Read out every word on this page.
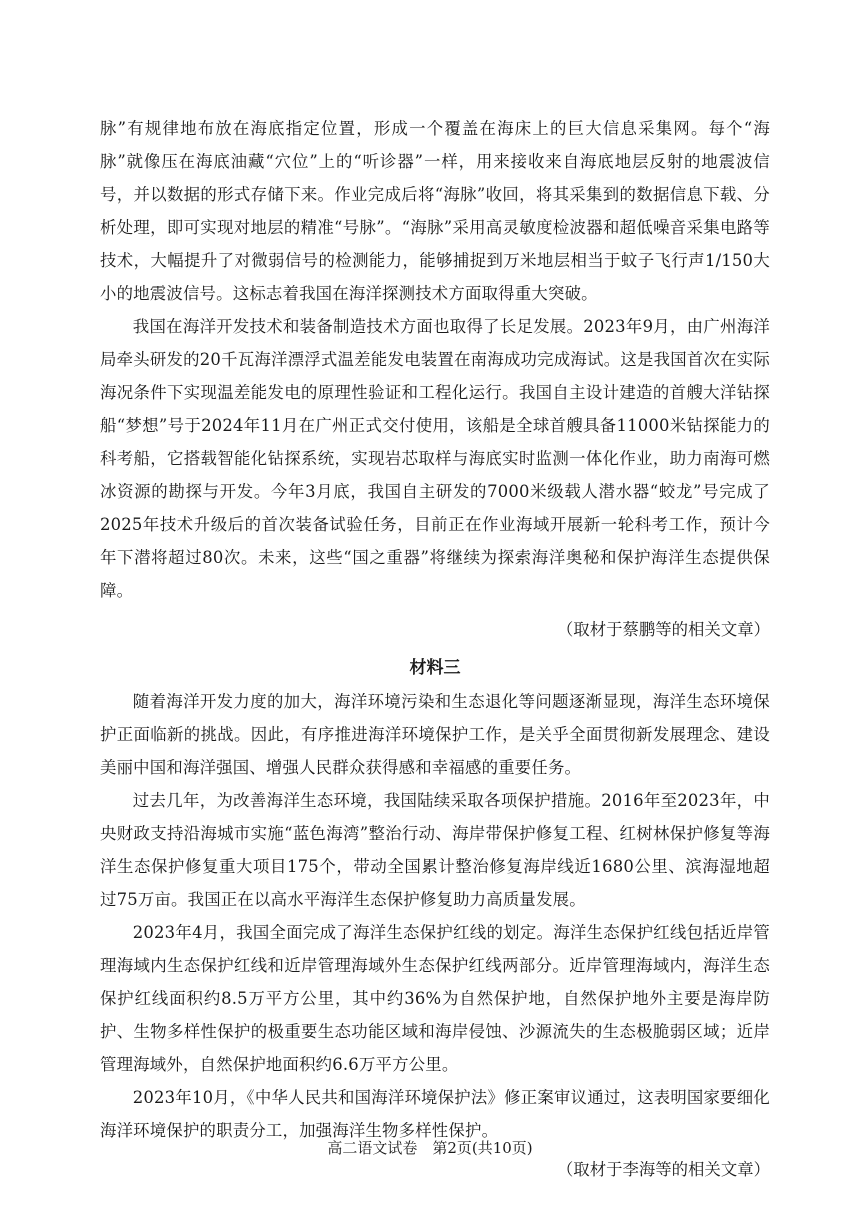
脉”有规律地布放在海底指定位置，形成一个覆盖在海床上的巨大信息采集网。每个“海脉”就像压在海底油藏“穴位”上的“听诊器”一样，用来接收来自海底地层反射的地震波信号，并以数据的形式存储下来。作业完成后将“海脉”收回，将其采集到的数据信息下载、分析处理，即可实现对地层的精准“号脉”。“海脉”采用高灵敏度检波器和超低噪音采集电路等技术，大幅提升了对微弱信号的检测能力，能够捕捉到万米地层相当于蚊子飞行声1/150大小的地震波信号。这标志着我国在海洋探测技术方面取得重大突破。

我国在海洋开发技术和装备制造技术方面也取得了长足发展。2023年9月，由广州海洋局牵头研发的20千瓦海洋漂浮式温差能发电装置在南海成功完成海试。这是我国首次在实际海况条件下实现温差能发电的原理性验证和工程化运行。我国自主设计建造的首艘大洋钻探船“梦想”号于2024年11月在广州正式交付使用，该船是全球首艘具备11000米钻探能力的科考船，它搭载智能化钻探系统，实现岩芯取样与海底实时监测一体化作业，助力南海可燃冰资源的勘探与开发。今年3月底，我国自主研发的7000米级载人潜水器“蛟龙”号完成了2025年技术升级后的首次装备试验任务，目前正在作业海域开展新一轮科考工作，预计今年下潜将超过80次。未来，这些“国之重器”将继续为探索海洋奥秘和保护海洋生态提供保障。

（取材于蔡鹏等的相关文章）

材料三

随着海洋开发力度的加大，海洋环境污染和生态退化等问题逐渐显现，海洋生态环境保护正面临新的挑战。因此，有序推进海洋环境保护工作，是关乎全面贯彻新发展理念、建设美丽中国和海洋强国、增强人民群众获得感和幸福感的重要任务。

过去几年，为改善海洋生态环境，我国陆续采取各项保护措施。2016年至2023年，中央财政支持沿海城市实施“蓝色海湾”整治行动、海岸带保护修复工程、红树林保护修复等海洋生态保护修复重大项目175个，带动全国累计整治修复海岸线近1680公里、滨海湿地超过75万亩。我国正在以高水平海洋生态保护修复助力高质量发展。

2023年4月，我国全面完成了海洋生态保护红线的划定。海洋生态保护红线包括近岸管理海域内生态保护红线和近岸管理海域外生态保护红线两部分。近岸管理海域内，海洋生态保护红线面积约8.5万平方公里，其中约36%为自然保护地，自然保护地外主要是海岸防护、生物多样性保护的极重要生态功能区域和海岸侵蚀、沙源流失的生态极脆弱区域；近岸管理海域外，自然保护地面积约6.6万平方公里。

2023年10月，《中华人民共和国海洋环境保护法》修正案审议通过，这表明国家要细化海洋环境保护的职责分工，加强海洋生物多样性保护。

（取材于李海等的相关文章）

高二语文试卷　第2页(共10页)
